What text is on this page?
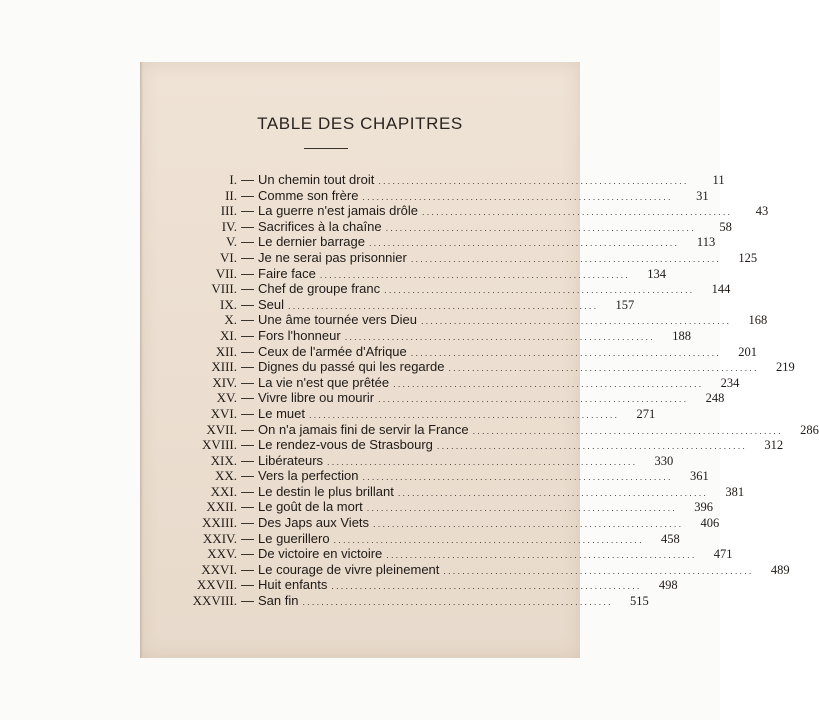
TABLE DES CHAPITRES
I. — Un chemin tout droit ..................................................................	11
II. — Comme son frère ..................................................................	31
III. — La guerre n'est jamais drôle ..................................................................	43
IV. — Sacrifices à la chaîne ..................................................................	58
V. — Le dernier barrage ..................................................................	113
VI. — Je ne serai pas prisonnier ..................................................................	125
VII. — Faire face ..................................................................	134
VIII. — Chef de groupe franc ..................................................................	144
IX. — Seul ..................................................................	157
X. — Une âme tournée vers Dieu ..................................................................	168
XI. — Fors l'honneur ..................................................................	188
XII. — Ceux de l'armée d'Afrique ..................................................................	201
XIII. — Dignes du passé qui les regarde ..................................................................	219
XIV. — La vie n'est que prêtée ..................................................................	234
XV. — Vivre libre ou mourir ..................................................................	248
XVI. — Le muet ..................................................................	271
XVII. — On n'a jamais fini de servir la France ..................................................................	286
XVIII. — Le rendez-vous de Strasbourg ..................................................................	312
XIX. — Libérateurs ..................................................................	330
XX. — Vers la perfection ..................................................................	361
XXI. — Le destin le plus brillant ..................................................................	381
XXII. — Le goût de la mort ..................................................................	396
XXIII. — Des Japs aux Viets ..................................................................	406
XXIV. — Le guerillero ..................................................................	458
XXV. — De victoire en victoire ..................................................................	471
XXVI. — Le courage de vivre pleinement ..................................................................	489
XXVII. — Huit enfants ..................................................................	498
XXVIII. — San fin ..................................................................	515
